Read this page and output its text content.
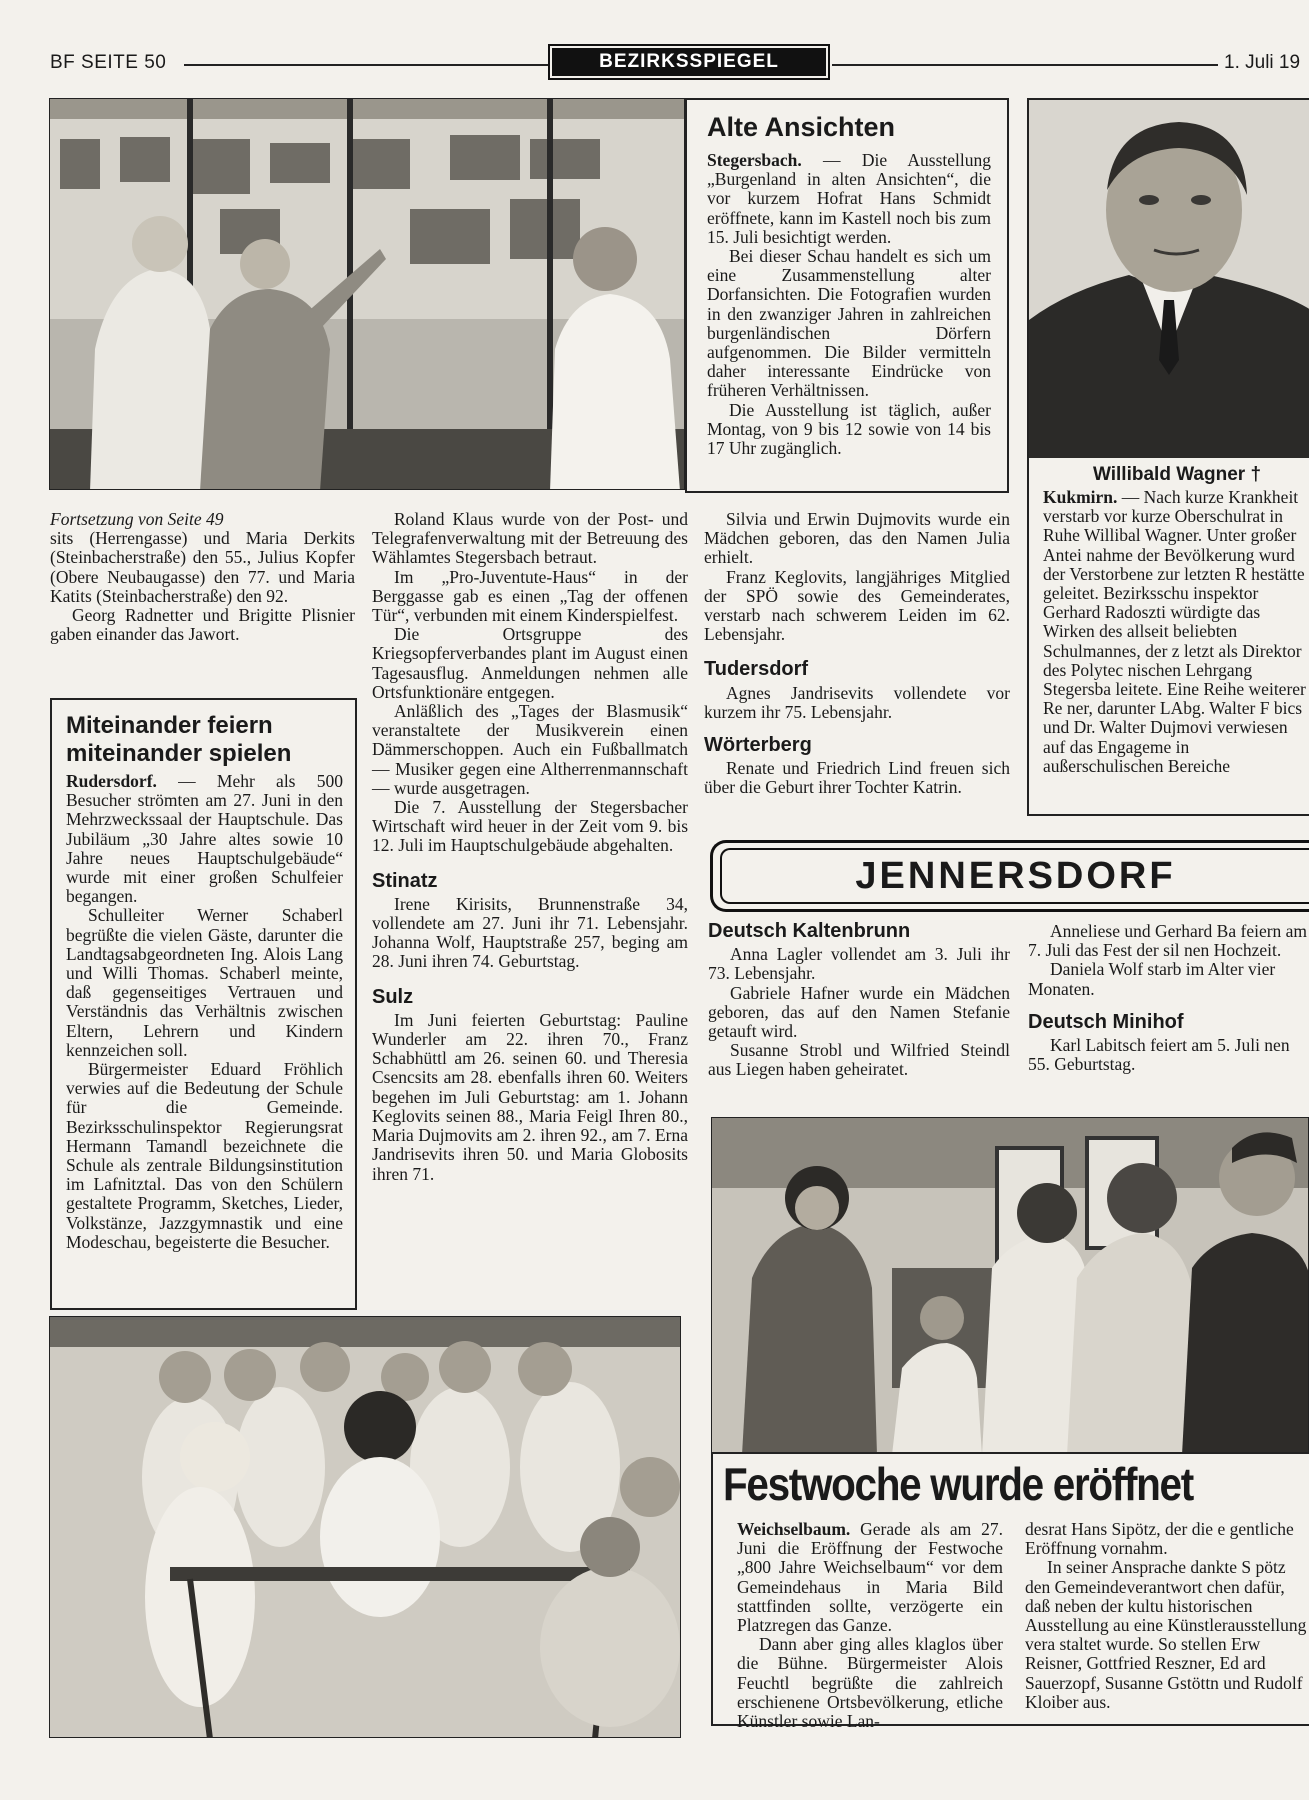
BF SEITE 50	BEZIRKSSPIEGEL	1. Juli 19
Alte Ansichten

Stegersbach. — Die Ausstellung „Burgenland in alten Ansichten“, die vor kurzem Hofrat Hans Schmidt eröffnete, kann im Kastell noch bis zum 15. Juli besichtigt werden.

Bei dieser Schau handelt es sich um eine Zusammenstellung alter Dorfansichten. Die Fotografien wurden in den zwanziger Jahren in zahlreichen burgenländischen Dörfern aufgenommen. Die Bilder vermitteln daher interessante Eindrücke von früheren Verhältnissen.

Die Ausstellung ist täglich, außer Montag, von 9 bis 12 sowie von 14 bis 17 Uhr zugänglich.

Willibald Wagner †

Kukmirn. — Nach kurze Krankheit verstarb vor kurze Oberschulrat in Ruhe Willibal Wagner. Unter großer Antei nahme der Bevölkerung wurd der Verstorbene zur letzten R hestätte geleitet. Bezirksschu inspektor Gerhard Radoszti würdigte das Wirken des allseit beliebten Schulmannes, der z letzt als Direktor des Polytec nischen Lehrgang Stegersba leitete. Eine Reihe weiterer Re ner, darunter LAbg. Walter F bics und Dr. Walter Dujmovi verwiesen auf das Engageme in außerschulischen Bereiche

Fortsetzung von Seite 49

sits (Herrengasse) und Maria Derkits (Steinbacherstraße) den 55., Julius Kopfer (Obere Neubaugasse) den 77. und Maria Katits (Steinbacherstraße) den 92.

Georg Radnetter und Brigitte Plisnier gaben einander das Jawort.

Miteinander feiern
miteinander spielen

Rudersdorf. — Mehr als 500 Besucher strömten am 27. Juni in den Mehrzweckssaal der Hauptschule. Das Jubiläum „30 Jahre altes sowie 10 Jahre neues Hauptschulgebäude“ wurde mit einer großen Schulfeier begangen.

Schulleiter Werner Schaberl begrüßte die vielen Gäste, darunter die Landtagsabgeordneten Ing. Alois Lang und Willi Thomas. Schaberl meinte, daß gegenseitiges Vertrauen und Verständnis das Verhältnis zwischen Eltern, Lehrern und Kindern kennzeichen soll.

Bürgermeister Eduard Fröhlich verwies auf die Bedeutung der Schule für die Gemeinde. Bezirksschulinspektor Regierungsrat Hermann Tamandl bezeichnete die Schule als zentrale Bildungsinstitution im Lafnitztal. Das von den Schülern gestaltete Programm, Sketches, Lieder, Volkstänze, Jazzgymnastik und eine Modeschau, begeisterte die Besucher.

Roland Klaus wurde von der Post- und Telegrafenverwaltung mit der Betreuung des Wählamtes Stegersbach betraut.

Im „Pro-Juventute-Haus“ in der Berggasse gab es einen „Tag der offenen Tür“, verbunden mit einem Kinderspielfest.

Die Ortsgruppe des Kriegsopferverbandes plant im August einen Tagesausflug. Anmeldungen nehmen alle Ortsfunktionäre entgegen.

Anläßlich des „Tages der Blasmusik“ veranstaltete der Musikverein einen Dämmerschoppen. Auch ein Fußballmatch — Musiker gegen eine Altherrenmannschaft — wurde ausgetragen.

Die 7. Ausstellung der Stegersbacher Wirtschaft wird heuer in der Zeit vom 9. bis 12. Juli im Hauptschulgebäude abgehalten.

Stinatz

Irene Kirisits, Brunnenstraße 34, vollendete am 27. Juni ihr 71. Lebensjahr. Johanna Wolf, Hauptstraße 257, beging am 28. Juni ihren 74. Geburtstag.

Sulz

Im Juni feierten Geburtstag: Pauline Wunderler am 22. ihren 70., Franz Schabhüttl am 26. seinen 60. und Theresia Csencsits am 28. ebenfalls ihren 60. Weiters begehen im Juli Geburtstag: am 1. Johann Keglovits seinen 88., Maria Feigl Ihren 80., Maria Dujmovits am 2. ihren 92., am 7. Erna Jandrisevits ihren 50. und Maria Globosits ihren 71.

Silvia und Erwin Dujmovits wurde ein Mädchen geboren, das den Namen Julia erhielt.

Franz Keglovits, langjähriges Mitglied der SPÖ sowie des Gemeinderates, verstarb nach schwerem Leiden im 62. Lebensjahr.

Tudersdorf

Agnes Jandrisevits vollendete vor kurzem ihr 75. Lebensjahr.

Wörterberg

Renate und Friedrich Lind freuen sich über die Geburt ihrer Tochter Katrin.

JENNERSDORF
Deutsch Kaltenbrunn

Anna Lagler vollendet am 3. Juli ihr 73. Lebensjahr.

Gabriele Hafner wurde ein Mädchen geboren, das auf den Namen Stefanie getauft wird.

Susanne Strobl und Wilfried Steindl aus Liegen haben geheiratet.

Anneliese und Gerhard Ba feiern am 7. Juli das Fest der sil nen Hochzeit.

Daniela Wolf starb im Alter vier Monaten.

Deutsch Minihof

Karl Labitsch feiert am 5. Juli nen 55. Geburtstag.

Festwoche wurde eröffnet

Weichselbaum. Gerade als am 27. Juni die Eröffnung der Festwoche „800 Jahre Weichselbaum“ vor dem Gemeindehaus in Maria Bild stattfinden sollte, verzögerte ein Platzregen das Ganze.

Dann aber ging alles klaglos über die Bühne. Bürgermeister Alois Feuchtl begrüßte die zahlreich erschienene Ortsbevölkerung, etliche Künstler sowie Lan-

desrat Hans Sipötz, der die e gentliche Eröffnung vornahm.

In seiner Ansprache dankte S pötz den Gemeindeverantwort chen dafür, daß neben der kultu historischen Ausstellung au eine Künstlerausstellung vera staltet wurde. So stellen Erw Reisner, Gottfried Reszner, Ed ard Sauerzopf, Susanne Gstöttn und Rudolf Kloiber aus.
